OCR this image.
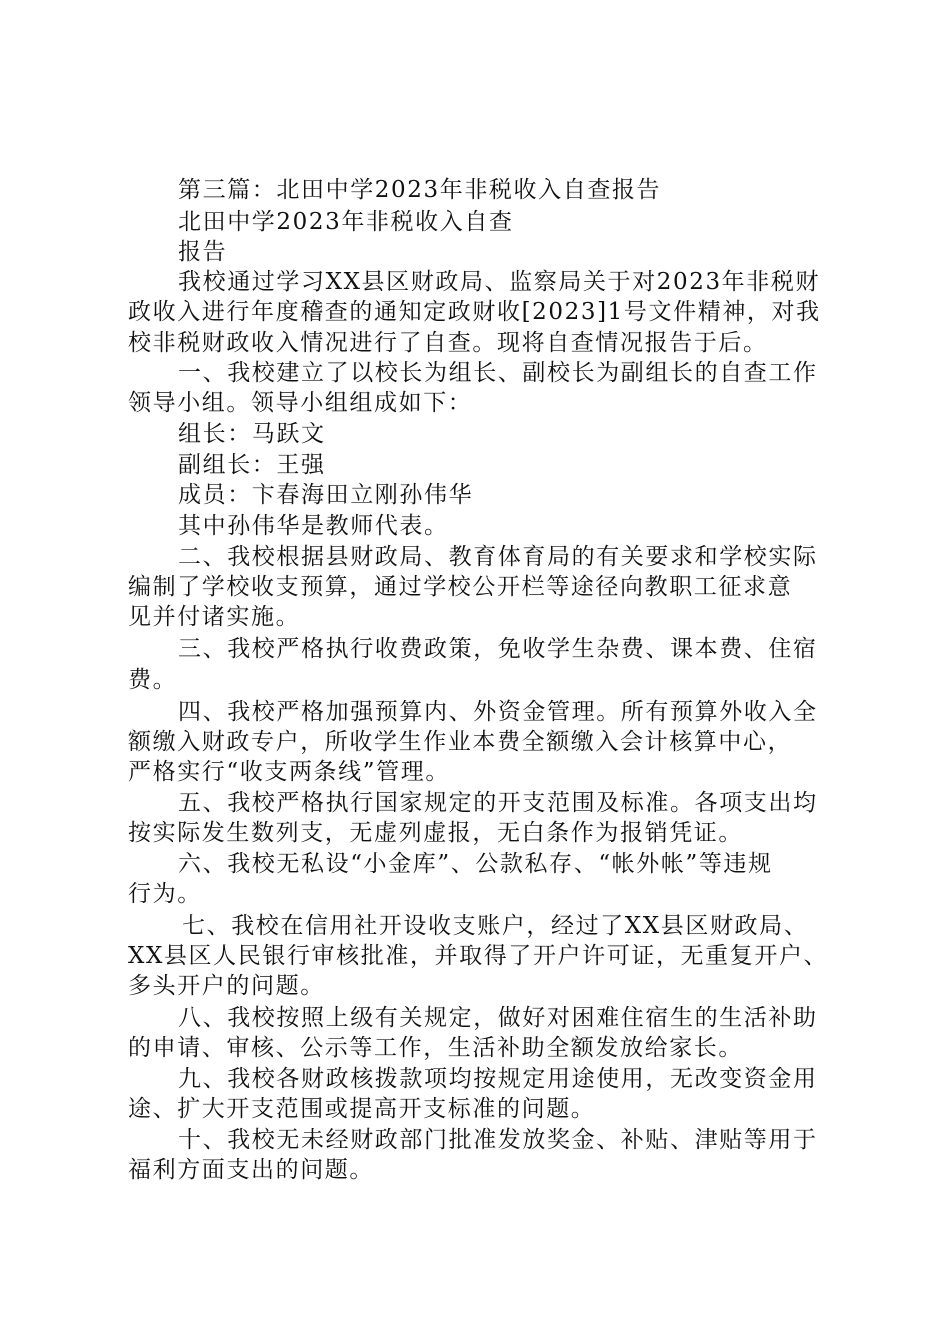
第三篇：北田中学2023年非税收入自查报告
北田中学2023年非税收入自查
报告
我校通过学习XX县区财政局、监察局关于对2023年非税财
政收入进行年度稽查的通知定政财收[2023]1号文件精神，对我
校非税财政收入情况进行了自查。现将自查情况报告于后。
一、我校建立了以校长为组长、副校长为副组长的自查工作
领导小组。领导小组组成如下：
组长：马跃文
副组长：王强
成员：卞春海田立刚孙伟华
其中孙伟华是教师代表。
二、我校根据县财政局、教育体育局的有关要求和学校实际
编制了学校收支预算，通过学校公开栏等途径向教职工征求意
见并付诸实施。
三、我校严格执行收费政策，免收学生杂费、课本费、住宿
费。
四、我校严格加强预算内、外资金管理。所有预算外收入全
额缴入财政专户，所收学生作业本费全额缴入会计核算中心，
严格实行“收支两条线”管理。
五、我校严格执行国家规定的开支范围及标准。各项支出均
按实际发生数列支，无虚列虚报，无白条作为报销凭证。
六、我校无私设“小金库”、公款私存、“帐外帐”等违规
行为。
七、我校在信用社开设收支账户，经过了XX县区财政局、
XX县区人民银行审核批准，并取得了开户许可证，无重复开户、
多头开户的问题。
八、我校按照上级有关规定，做好对困难住宿生的生活补助
的申请、审核、公示等工作，生活补助全额发放给家长。
九、我校各财政核拨款项均按规定用途使用，无改变资金用
途、扩大开支范围或提高开支标准的问题。
十、我校无未经财政部门批准发放奖金、补贴、津贴等用于
福利方面支出的问题。
